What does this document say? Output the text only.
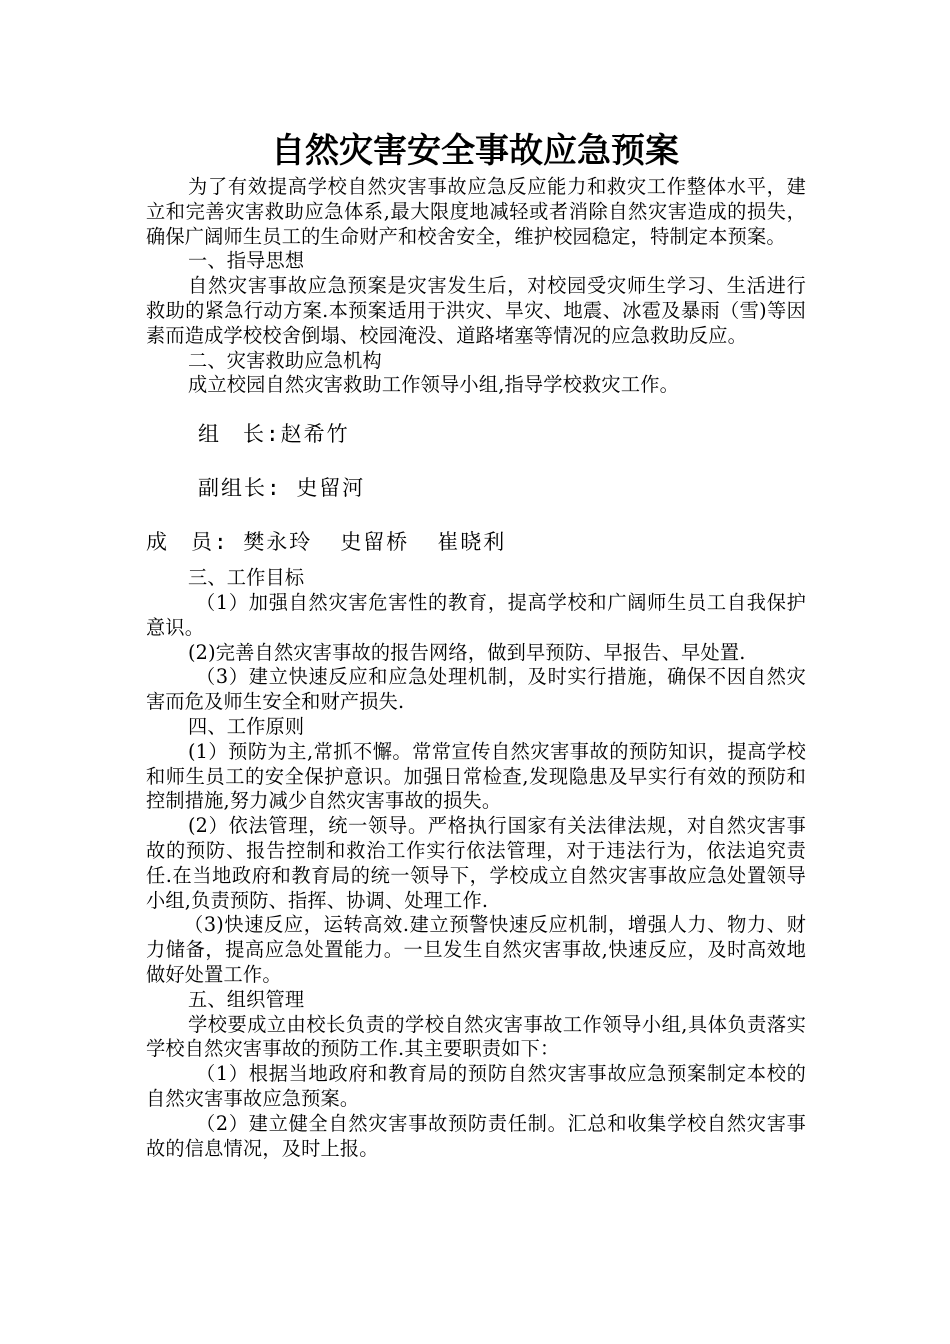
自然灾害安全事故应急预案

为了有效提高学校自然灾害事故应急反应能力和救灾工作整体水平，建立和完善灾害救助应急体系,最大限度地减轻或者消除自然灾害造成的损失，确保广阔师生员工的生命财产和校舍安全，维护校园稳定，特制定本预案。

一、指导思想

自然灾害事故应急预案是灾害发生后，对校园受灾师生学习、生活进行救助的紧急行动方案.本预案适用于洪灾、旱灾、地震、冰雹及暴雨（雪)等因素而造成学校校舍倒塌、校园淹没、道路堵塞等情况的应急救助反应。

二、灾害救助应急机构

成立校园自然灾害救助工作领导小组,指导学校救灾工作。

组 长:赵希竹

副组长: 史留河

成 员: 樊永玲 史留桥 崔晓利

三、工作目标

（1）加强自然灾害危害性的教育，提高学校和广阔师生员工自我保护意识。

(2)完善自然灾害事故的报告网络，做到早预防、早报告、早处置.

（3）建立快速反应和应急处理机制，及时实行措施，确保不因自然灾害而危及师生安全和财产损失.

四、工作原则

(1）预防为主,常抓不懈。常常宣传自然灾害事故的预防知识，提高学校和师生员工的安全保护意识。加强日常检查,发现隐患及早实行有效的预防和控制措施,努力减少自然灾害事故的损失。

(2）依法管理，统一领导。严格执行国家有关法律法规，对自然灾害事故的预防、报告控制和救治工作实行依法管理，对于违法行为，依法追究责任.在当地政府和教育局的统一领导下，学校成立自然灾害事故应急处置领导小组,负责预防、指挥、协调、处理工作.

（3)快速反应，运转高效.建立预警快速反应机制，增强人力、物力、财力储备，提高应急处置能力。一旦发生自然灾害事故,快速反应，及时高效地做好处置工作。

五、组织管理

学校要成立由校长负责的学校自然灾害事故工作领导小组,具体负责落实学校自然灾害事故的预防工作.其主要职责如下：

（1）根据当地政府和教育局的预防自然灾害事故应急预案制定本校的自然灾害事故应急预案。

（2）建立健全自然灾害事故预防责任制。汇总和收集学校自然灾害事故的信息情况，及时上报。
